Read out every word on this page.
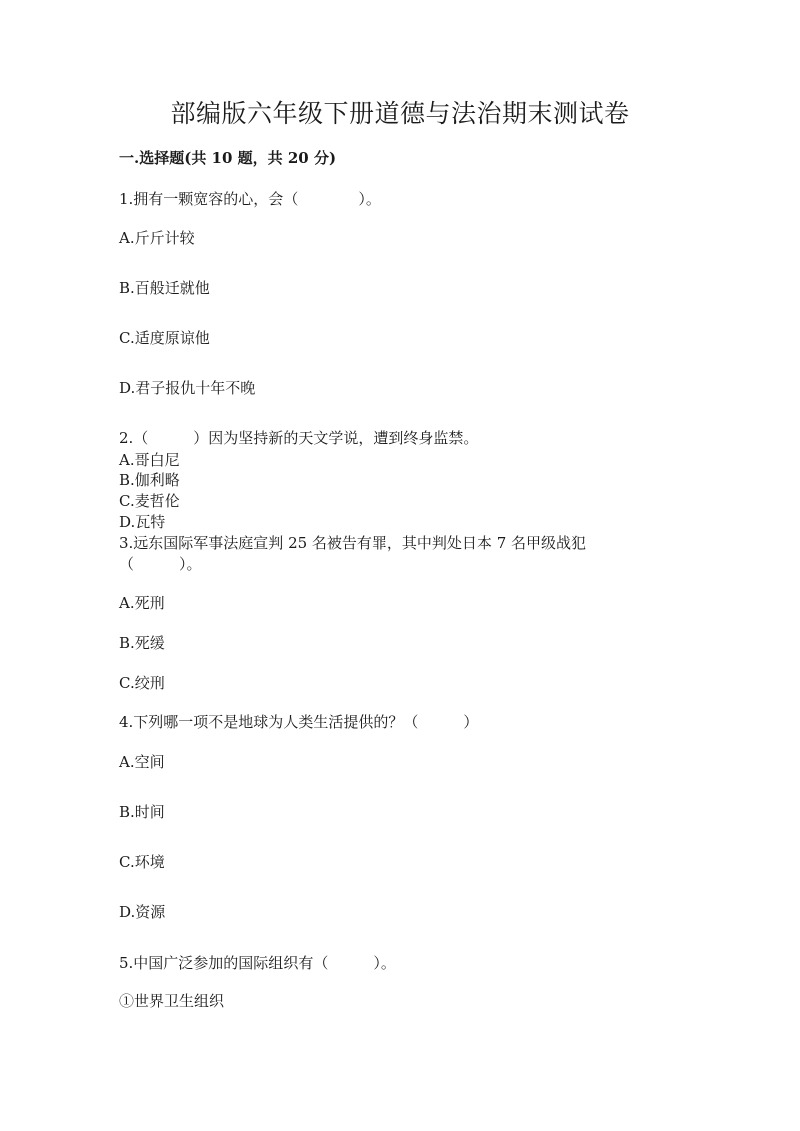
部编版六年级下册道德与法治期末测试卷

一.选择题(共 10 题，共 20 分)

1.拥有一颗宽容的心，会（　　　　）。

A.斤斤计较

B.百般迁就他

C.适度原谅他

D.君子报仇十年不晚

2.（　　　）因为坚持新的天文学说，遭到终身监禁。

A.哥白尼

B.伽利略

C.麦哲伦

D.瓦特

3.远东国际军事法庭宣判 25 名被告有罪，其中判处日本 7 名甲级战犯

（　　　）。

A.死刑

B.死缓

C.绞刑

4.下列哪一项不是地球为人类生活提供的？（　　　）

A.空间

B.时间

C.环境

D.资源

5.中国广泛参加的国际组织有（　　　）。

①世界卫生组织
